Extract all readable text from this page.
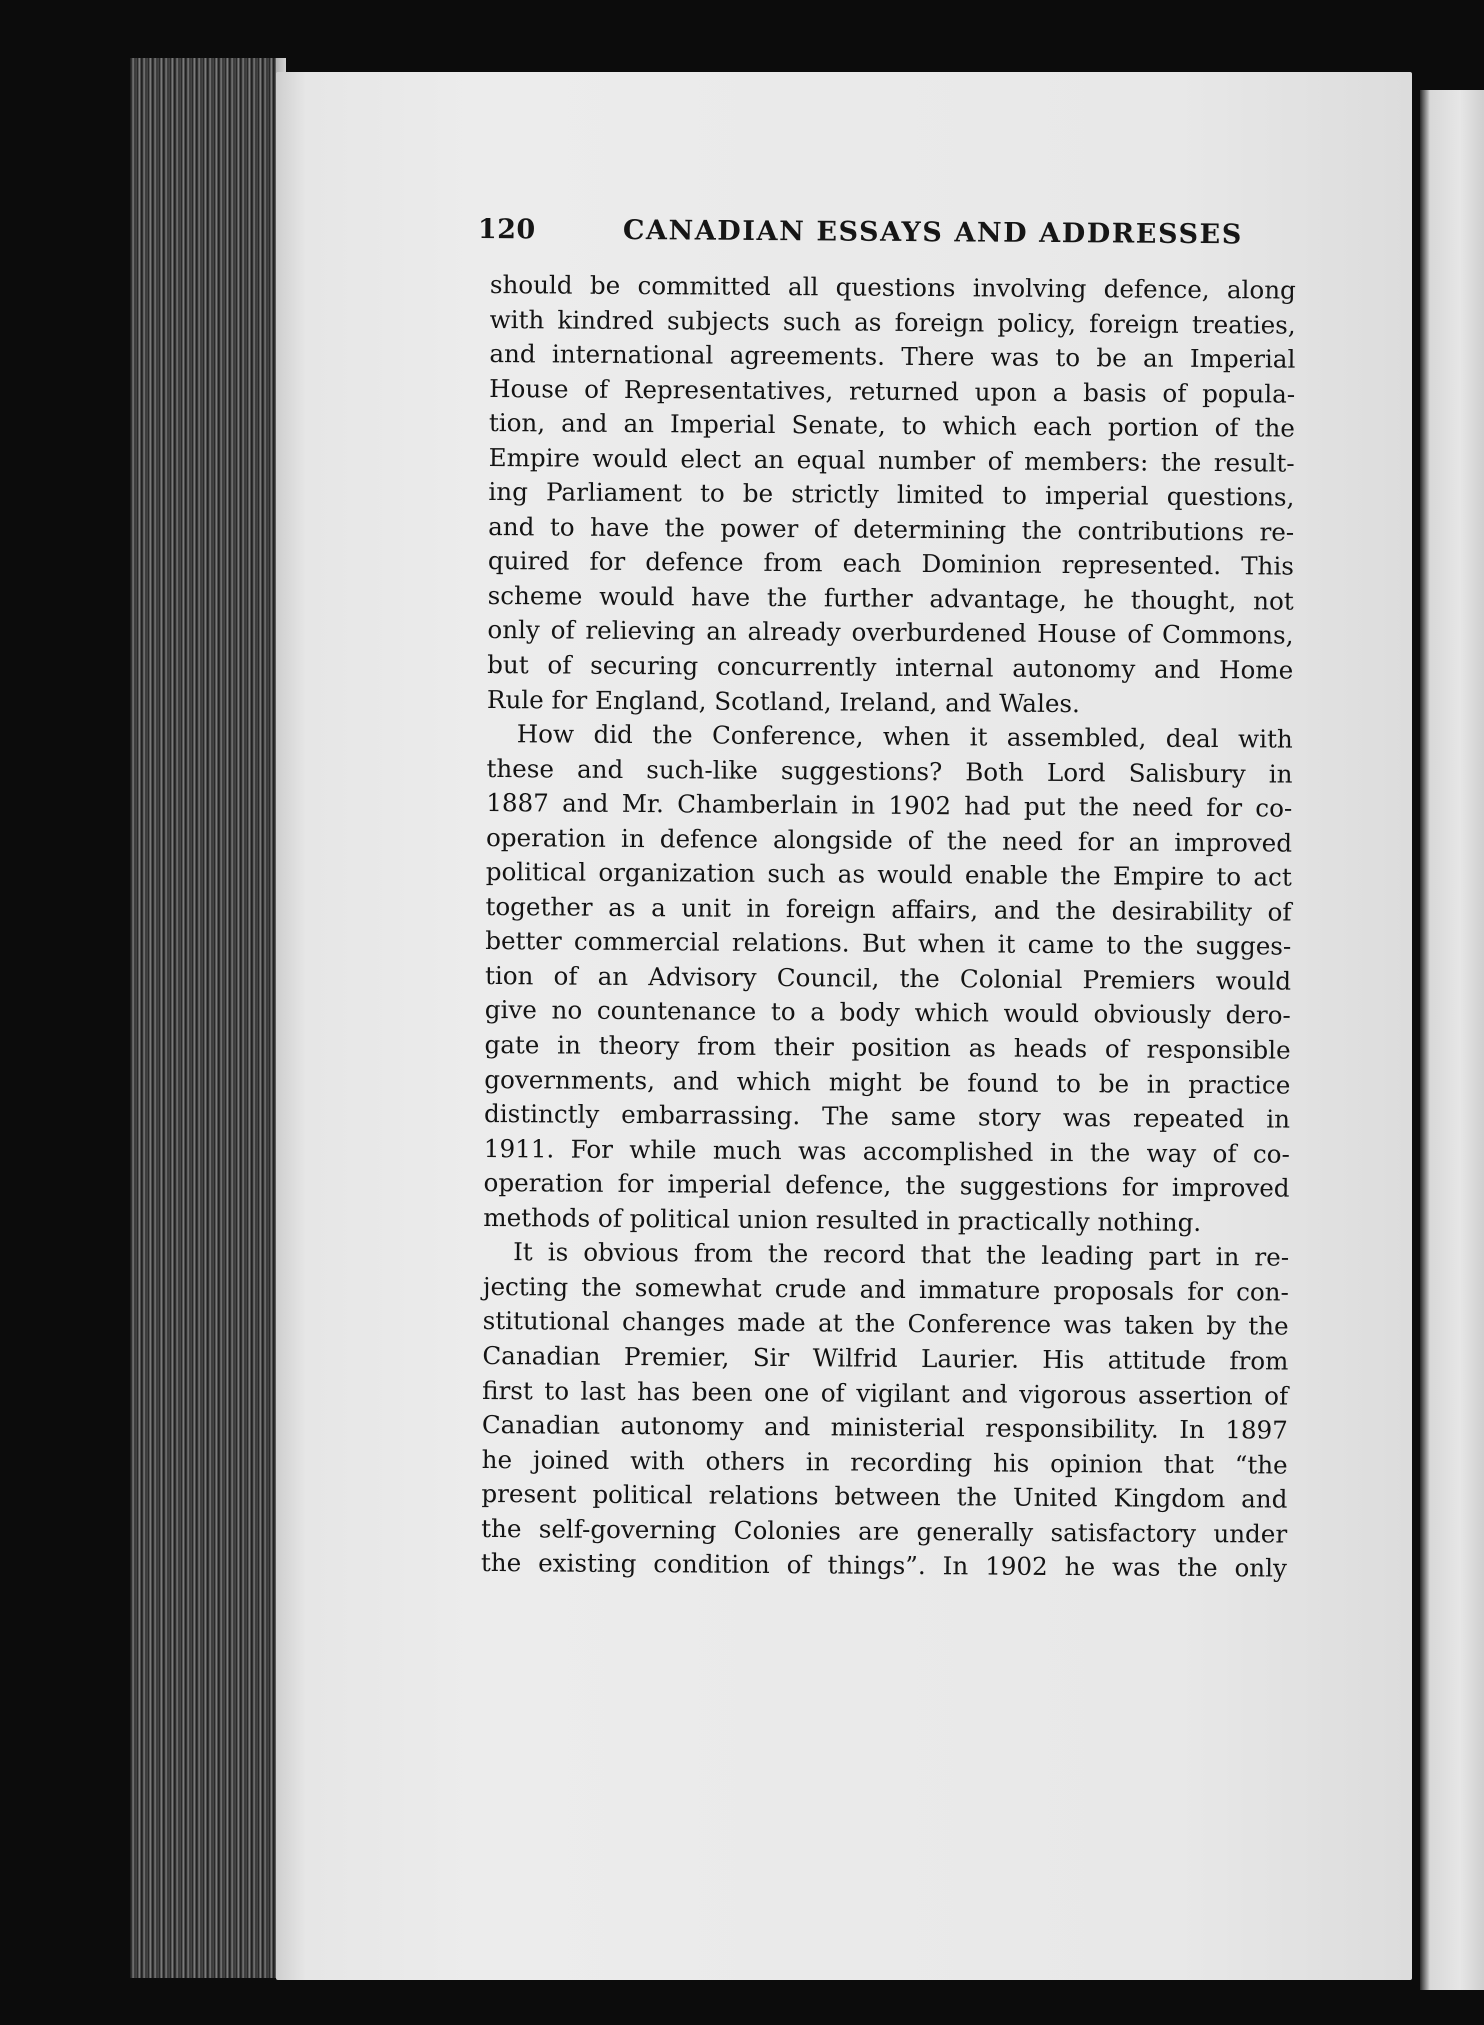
120	CANADIAN ESSAYS AND ADDRESSES

should be committed all questions involving defence, along
with kindred subjects such as foreign policy, foreign treaties,
and international agreements. There was to be an Imperial
House of Representatives, returned upon a basis of popula-
tion, and an Imperial Senate, to which each portion of the
Empire would elect an equal number of members: the result-
ing Parliament to be strictly limited to imperial questions,
and to have the power of determining the contributions re-
quired for defence from each Dominion represented. This
scheme would have the further advantage, he thought, not
only of relieving an already overburdened House of Commons,
but of securing concurrently internal autonomy and Home
Rule for England, Scotland, Ireland, and Wales.

How did the Conference, when it assembled, deal with
these and such-like suggestions? Both Lord Salisbury in
1887 and Mr. Chamberlain in 1902 had put the need for co-
operation in defence alongside of the need for an improved
political organization such as would enable the Empire to act
together as a unit in foreign affairs, and the desirability of
better commercial relations. But when it came to the sugges-
tion of an Advisory Council, the Colonial Premiers would
give no countenance to a body which would obviously dero-
gate in theory from their position as heads of responsible
governments, and which might be found to be in practice
distinctly embarrassing. The same story was repeated in
1911. For while much was accomplished in the way of co-
operation for imperial defence, the suggestions for improved
methods of political union resulted in practically nothing.

It is obvious from the record that the leading part in re-
jecting the somewhat crude and immature proposals for con-
stitutional changes made at the Conference was taken by the
Canadian Premier, Sir Wilfrid Laurier. His attitude from
first to last has been one of vigilant and vigorous assertion of
Canadian autonomy and ministerial responsibility. In 1897
he joined with others in recording his opinion that “the
present political relations between the United Kingdom and
the self-governing Colonies are generally satisfactory under
the existing condition of things”. In 1902 he was the only
